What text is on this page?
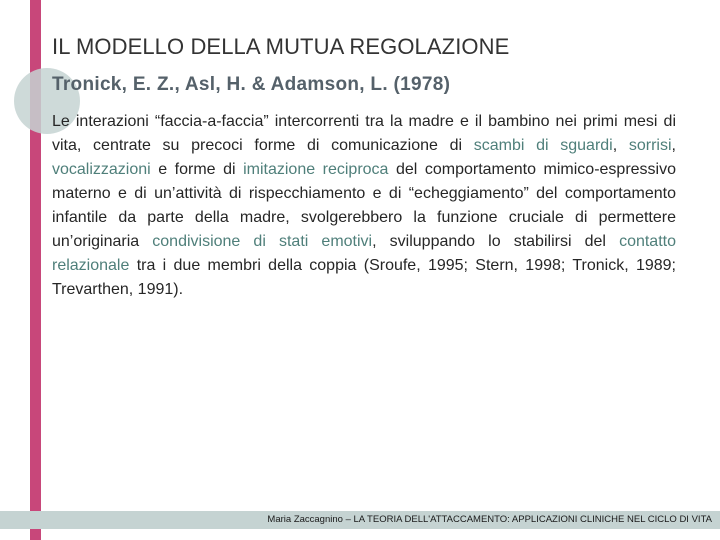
IL MODELLO DELLA MUTUA REGOLAZIONE
Tronick, E. Z., Asl, H. & Adamson, L. (1978)

Le interazioni “faccia-a-faccia” intercorrenti tra la madre e il bambino nei primi mesi di vita, centrate su precoci forme di comunicazione di scambi di sguardi, sorrisi, vocalizzazioni e forme di imitazione reciproca del comportamento mimico-espressivo materno e di un’attività di rispecchiamento e di “echeggiamento” del comportamento infantile da parte della madre, svolgerebbero la funzione cruciale di permettere un’originaria condivisione di stati emotivi, sviluppando lo stabilirsi del contatto relazionale tra i due membri della coppia (Sroufe, 1995; Stern, 1998; Tronick, 1989; Trevarthen, 1991).

Maria Zaccagnino – LA TEORIA DELL'ATTACCAMENTO: APPLICAZIONI CLINICHE NEL CICLO DI VITA
